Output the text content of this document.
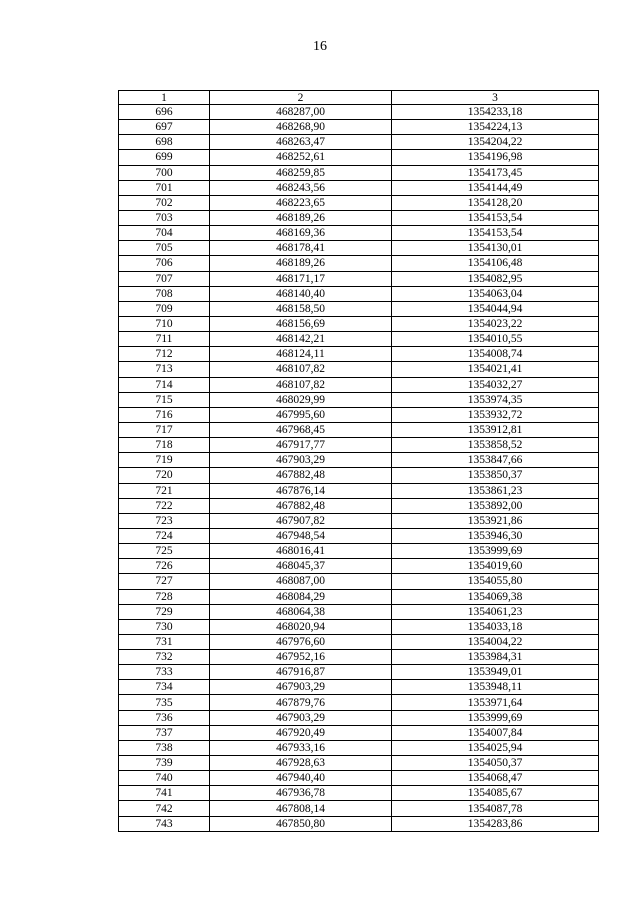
16
1	2	3
696	468287,00	1354233,18
697	468268,90	1354224,13
698	468263,47	1354204,22
699	468252,61	1354196,98
700	468259,85	1354173,45
701	468243,56	1354144,49
702	468223,65	1354128,20
703	468189,26	1354153,54
704	468169,36	1354153,54
705	468178,41	1354130,01
706	468189,26	1354106,48
707	468171,17	1354082,95
708	468140,40	1354063,04
709	468158,50	1354044,94
710	468156,69	1354023,22
711	468142,21	1354010,55
712	468124,11	1354008,74
713	468107,82	1354021,41
714	468107,82	1354032,27
715	468029,99	1353974,35
716	467995,60	1353932,72
717	467968,45	1353912,81
718	467917,77	1353858,52
719	467903,29	1353847,66
720	467882,48	1353850,37
721	467876,14	1353861,23
722	467882,48	1353892,00
723	467907,82	1353921,86
724	467948,54	1353946,30
725	468016,41	1353999,69
726	468045,37	1354019,60
727	468087,00	1354055,80
728	468084,29	1354069,38
729	468064,38	1354061,23
730	468020,94	1354033,18
731	467976,60	1354004,22
732	467952,16	1353984,31
733	467916,87	1353949,01
734	467903,29	1353948,11
735	467879,76	1353971,64
736	467903,29	1353999,69
737	467920,49	1354007,84
738	467933,16	1354025,94
739	467928,63	1354050,37
740	467940,40	1354068,47
741	467936,78	1354085,67
742	467808,14	1354087,78
743	467850,80	1354283,86
